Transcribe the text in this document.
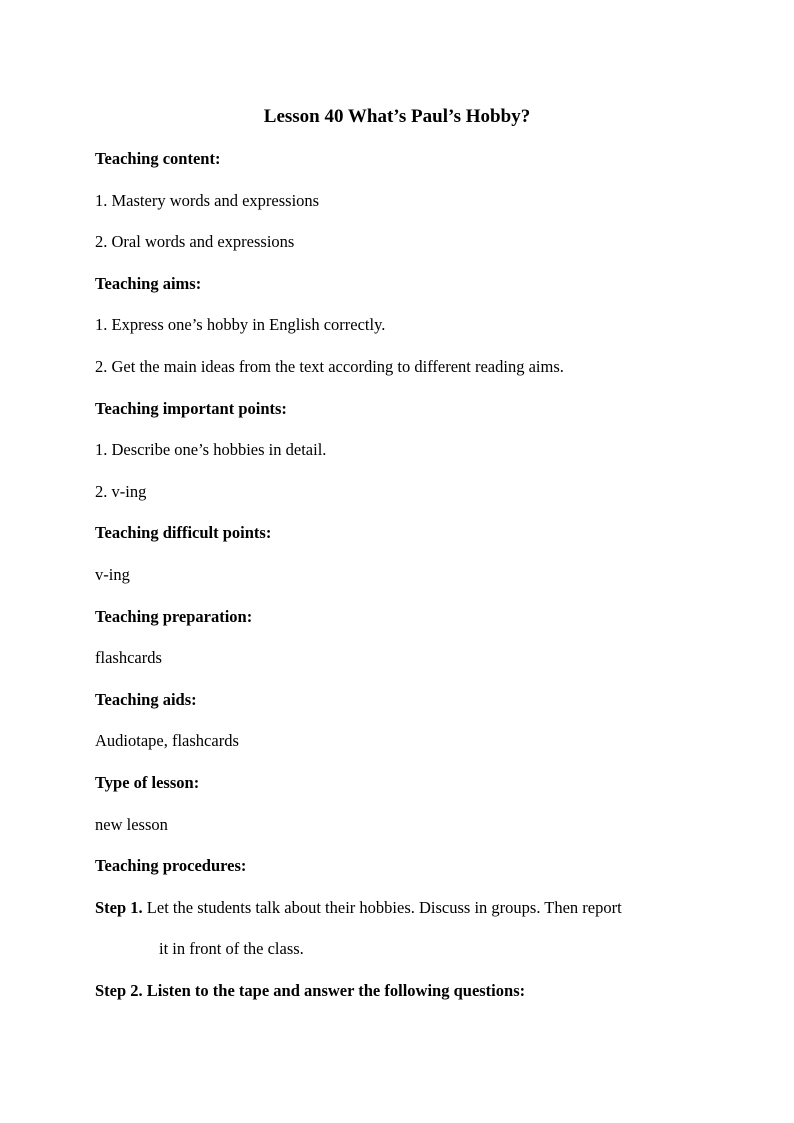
Lesson 40 What’s Paul’s Hobby?

Teaching content:

1. Mastery words and expressions

2. Oral words and expressions

Teaching aims:

1. Express one’s hobby in English correctly.

2. Get the main ideas from the text according to different reading aims.

Teaching important points:

1. Describe one’s hobbies in detail.

2. v-ing

Teaching difficult points:

v-ing

Teaching preparation:

flashcards

Teaching aids:

Audiotape, flashcards

Type of lesson:

new lesson

Teaching procedures:

Step 1. Let the students talk about their hobbies. Discuss in groups. Then report

it in front of the class.

Step 2. Listen to the tape and answer the following questions:
